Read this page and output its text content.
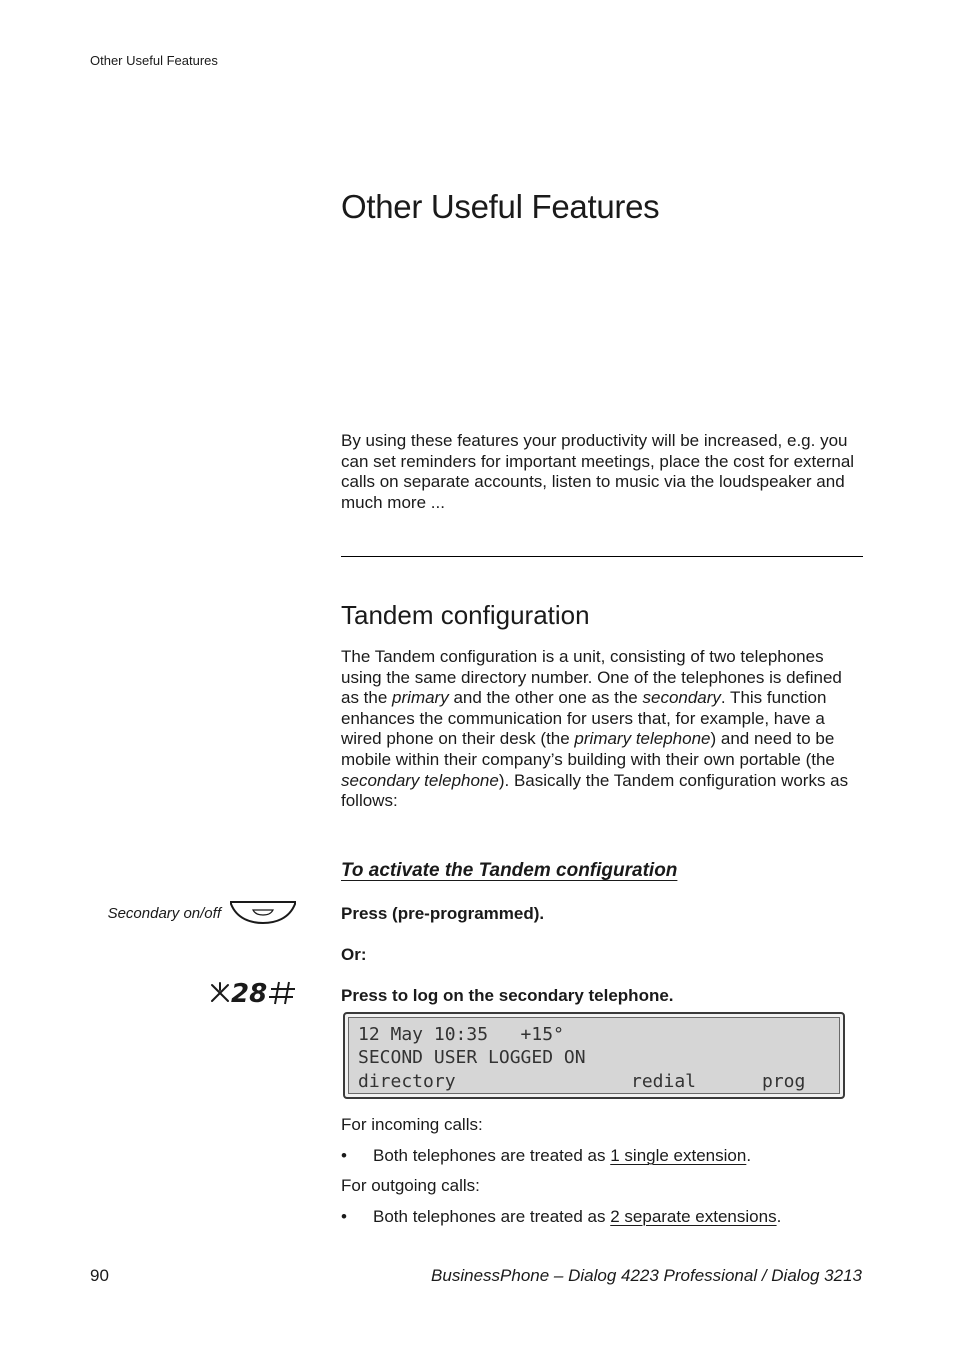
Other Useful Features
Other Useful Features

By using these features your productivity will be increased, e.g. you can set reminders for important meetings, place the cost for external calls on separate accounts, listen to music via the loudspeaker and much more ...

Tandem configuration

The Tandem configuration is a unit, consisting of two telephones using the same directory number. One of the telephones is defined as the primary and the other one as the secondary. This function enhances the communication for users that, for example, have a wired phone on their desk (the primary telephone) and need to be mobile within their company’s building with their own portable (the secondary telephone). Basically the Tandem configuration works as follows:

To activate the Tandem configuration
Secondary on/off	Press (pre-programmed).
Or:
28	Press to log on the secondary telephone.
12 May 10:35   +15°
SECOND USER LOGGED ON
directory	redial	prog
For incoming calls:
• Both telephones are treated as 1 single extension.
For outgoing calls:
• Both telephones are treated as 2 separate extensions.
90	BusinessPhone – Dialog 4223 Professional / Dialog 3213
